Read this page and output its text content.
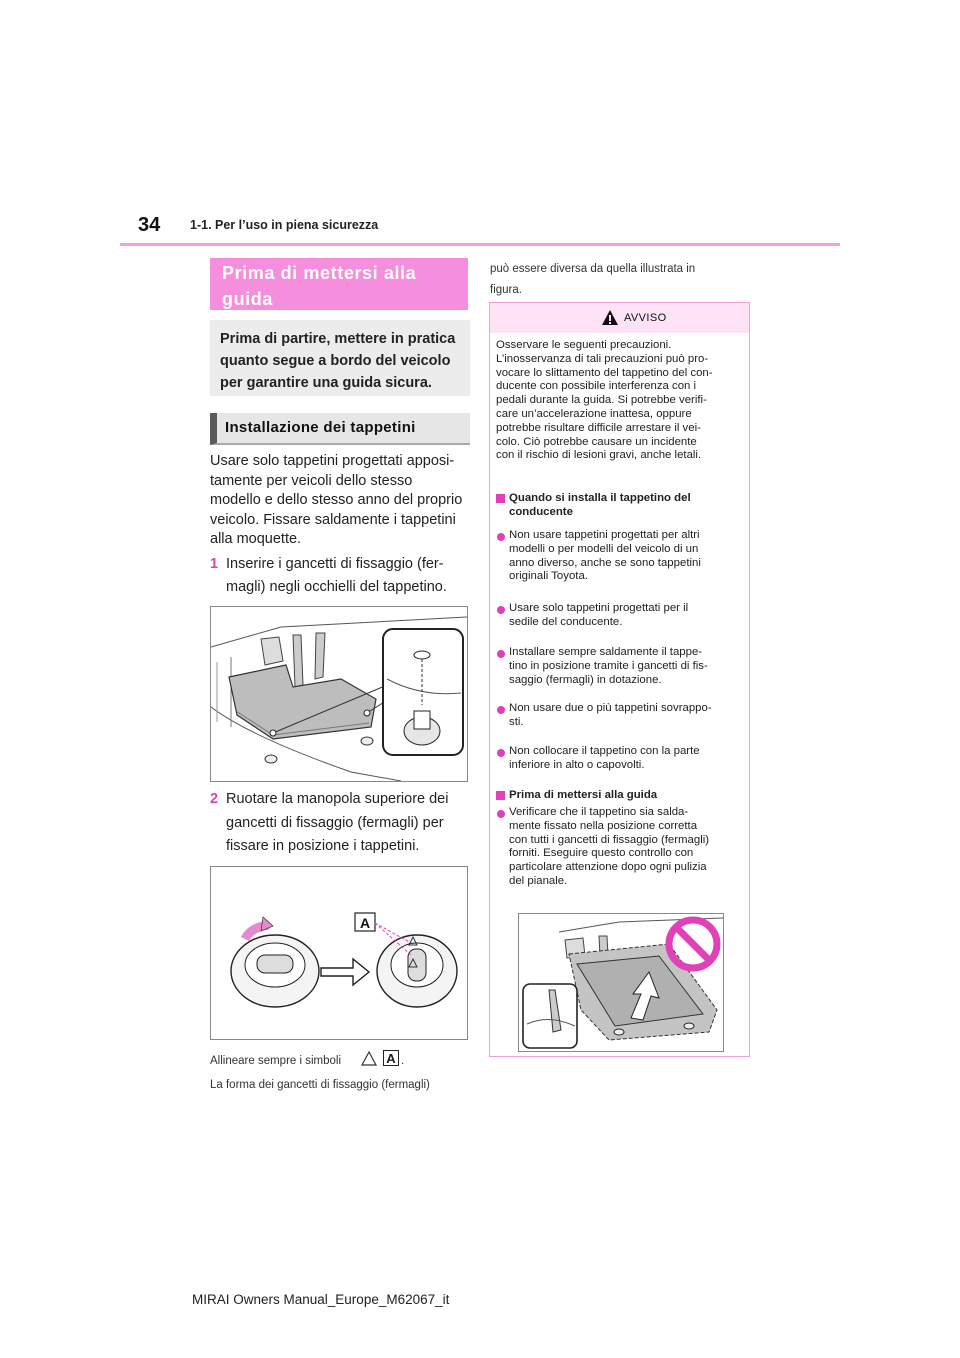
34 1-1. Per l’uso in piena sicurezza
Prima di mettersi alla
guida
Prima di partire, mettere in pratica
quanto segue a bordo del veicolo
per garantire una guida sicura.
Installazione dei tappetini
Usare solo tappetini progettati apposi-
tamente per veicoli dello stesso
modello e dello stesso anno del proprio
veicolo. Fissare saldamente i tappetini
alla moquette.
1 Inserire i gancetti di fissaggio (fer-
magli) negli occhielli del tappetino.
2 Ruotare la manopola superiore dei
gancetti di fissaggio (fermagli) per
fissare in posizione i tappetini.
A
Allineare sempre i simboli	A .
La forma dei gancetti di fissaggio (fermagli)
può essere diversa da quella illustrata in
figura.
AVVISO
Osservare le seguenti precauzioni.
L’inosservanza di tali precauzioni può pro-
vocare lo slittamento del tappetino del con-
ducente con possibile interferenza con i
pedali durante la guida. Si potrebbe verifi-
care un’accelerazione inattesa, oppure
potrebbe risultare difficile arrestare il vei-
colo. Ciò potrebbe causare un incidente
con il rischio di lesioni gravi, anche letali.
Quando si installa il tappetino del
conducente
Non usare tappetini progettati per altri
modelli o per modelli del veicolo di un
anno diverso, anche se sono tappetini
originali Toyota.
Usare solo tappetini progettati per il
sedile del conducente.
Installare sempre saldamente il tappe-
tino in posizione tramite i gancetti di fis-
saggio (fermagli) in dotazione.
Non usare due o più tappetini sovrappo-
sti.
Non collocare il tappetino con la parte
inferiore in alto o capovolti.
Prima di mettersi alla guida
Verificare che il tappetino sia salda-
mente fissato nella posizione corretta
con tutti i gancetti di fissaggio (fermagli)
forniti. Eseguire questo controllo con
particolare attenzione dopo ogni pulizia
del pianale.
MIRAI Owners Manual_Europe_M62067_it
